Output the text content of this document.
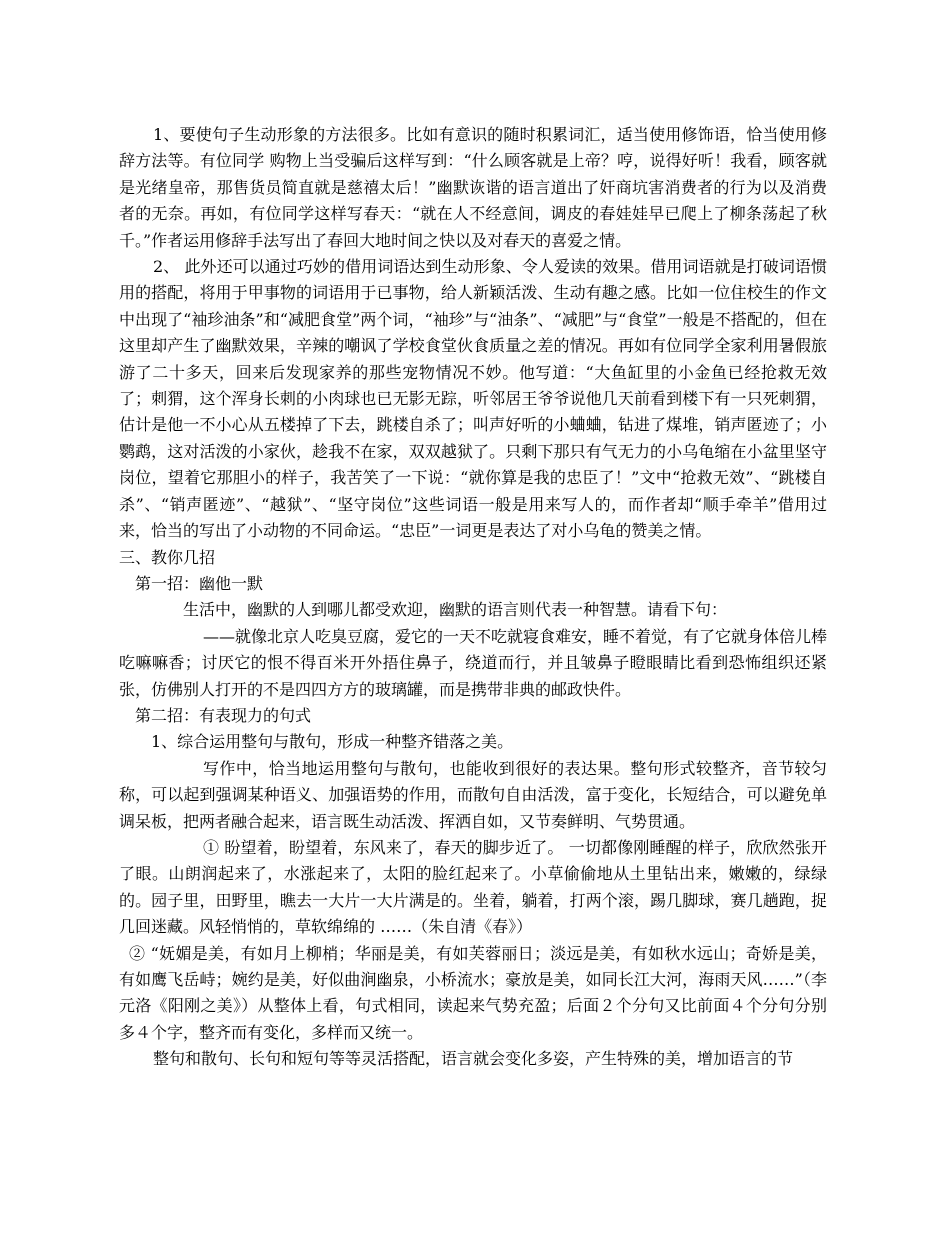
1、要使句子生动形象的方法很多。比如有意识的随时积累词汇，适当使用修饰语，恰当使用修辞方法等。有位同学 购物上当受骗后这样写到：“什么顾客就是上帝？哼，说得好听！我看，顾客就是光绪皇帝，那售货员简直就是慈禧太后！”幽默诙谐的语言道出了奸商坑害消费者的行为以及消费者的无奈。再如，有位同学这样写春天：“就在人不经意间，调皮的春娃娃早已爬上了柳条荡起了秋千。”作者运用修辞手法写出了春回大地时间之快以及对春天的喜爱之情。

2、 此外还可以通过巧妙的借用词语达到生动形象、令人爱读的效果。借用词语就是打破词语惯用的搭配，将用于甲事物的词语用于已事物，给人新颖活泼、生动有趣之感。比如一位住校生的作文中出现了“袖珍油条”和“减肥食堂”两个词，“袖珍”与“油条”、“减肥”与“食堂”一般是不搭配的，但在这里却产生了幽默效果，辛辣的嘲讽了学校食堂伙食质量之差的情况。再如有位同学全家利用暑假旅游了二十多天，回来后发现家养的那些宠物情况不妙。他写道：“大鱼缸里的小金鱼已经抢救无效了；刺猬，这个浑身长刺的小肉球也已无影无踪，听邻居王爷爷说他几天前看到楼下有一只死刺猬，估计是他一不小心从五楼掉了下去，跳楼自杀了；叫声好听的小蛐蛐，钻进了煤堆，销声匿迹了；小鹦鹉，这对活泼的小家伙，趁我不在家，双双越狱了。只剩下那只有气无力的小乌龟缩在小盆里坚守岗位，望着它那胆小的样子，我苦笑了一下说：“就你算是我的忠臣了！”文中“抢救无效”、“跳楼自杀”、“销声匿迹”、“越狱”、“坚守岗位”这些词语一般是用来写人的，而作者却“顺手牵羊”借用过来，恰当的写出了小动物的不同命运。“忠臣”一词更是表达了对小乌龟的赞美之情。

三、教你几招

第一招：幽他一默

生活中，幽默的人到哪儿都受欢迎，幽默的语言则代表一种智慧。请看下句：

——就像北京人吃臭豆腐，爱它的一天不吃就寝食难安，睡不着觉，有了它就身体倍儿棒吃嘛嘛香；讨厌它的恨不得百米开外捂住鼻子，绕道而行，并且皱鼻子瞪眼睛比看到恐怖组织还紧张，仿佛别人打开的不是四四方方的玻璃罐，而是携带非典的邮政快件。

第二招：有表现力的句式

1、综合运用整句与散句，形成一种整齐错落之美。

写作中，恰当地运用整句与散句，也能收到很好的表达果。整句形式较整齐，音节较匀称，可以起到强调某种语义、加强语势的作用，而散句自由活泼，富于变化，长短结合，可以避免单调呆板，把两者融合起来，语言既生动活泼、挥洒自如，又节奏鲜明、气势贯通。

① 盼望着，盼望着，东风来了，春天的脚步近了。 一切都像刚睡醒的样子，欣欣然张开了眼。山朗润起来了，水涨起来了，太阳的脸红起来了。小草偷偷地从土里钻出来，嫩嫩的，绿绿的。园子里，田野里，瞧去一大片一大片满是的。坐着，躺着，打两个滚，踢几脚球，赛几趟跑，捉几回迷藏。风轻悄悄的，草软绵绵的 ……（朱自清《春》）

② “妩媚是美，有如月上柳梢；华丽是美，有如芙蓉丽日；淡远是美，有如秋水远山；奇娇是美，有如鹰飞岳峙；婉约是美，好似曲涧幽泉，小桥流水；豪放是美，如同长江大河，海雨天风……”（李元洛《阳刚之美》）从整体上看，句式相同，读起来气势充盈；后面２个分句又比前面４个分句分别多４个字，整齐而有变化，多样而又统一。

整句和散句、长句和短句等等灵活搭配，语言就会变化多姿，产生特殊的美，增加语言的节
